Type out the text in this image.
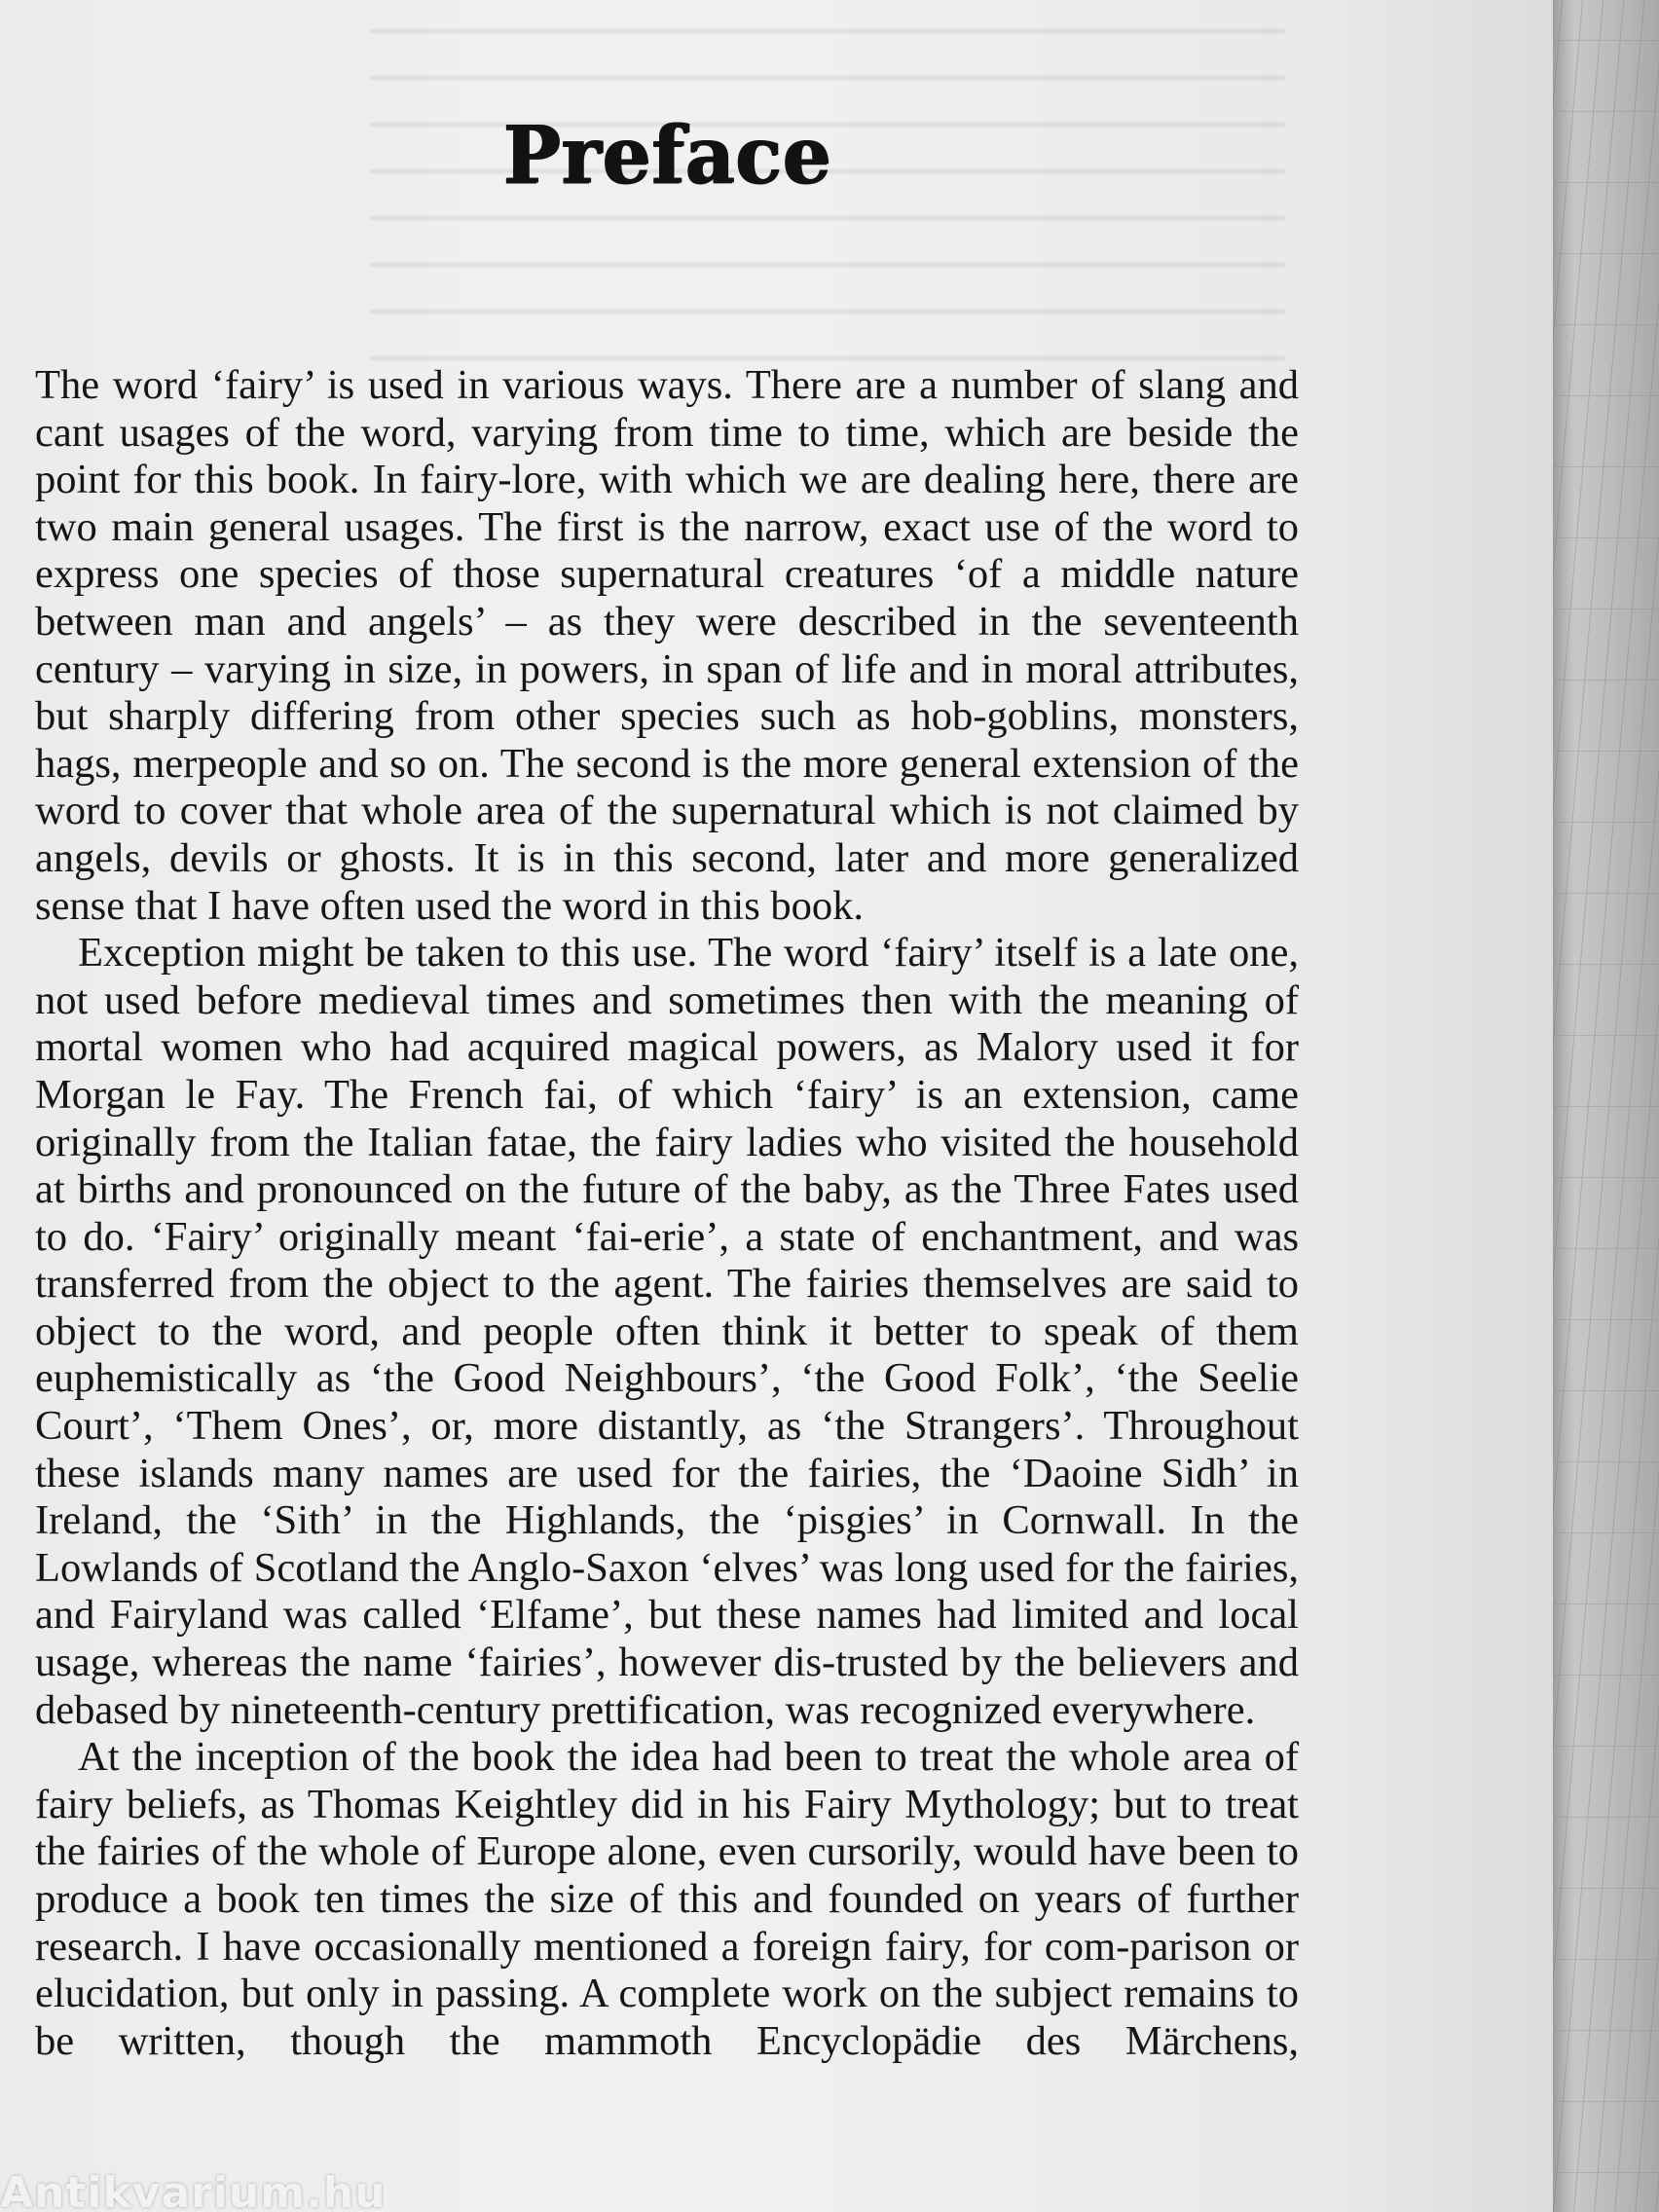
Preface

The word ‘fairy’ is used in various ways. There are a number of slang and cant usages of the word, varying from time to time, which are beside the point for this book. In fairy-lore, with which we are dealing here, there are two main general usages. The first is the narrow, exact use of the word to express one species of those supernatural creatures ‘of a middle nature between man and angels’ – as they were described in the seventeenth century – varying in size, in powers, in span of life and in moral attributes, but sharply differing from other species such as hob-goblins, monsters, hags, merpeople and so on. The second is the more general extension of the word to cover that whole area of the supernatural which is not claimed by angels, devils or ghosts. It is in this second, later and more generalized sense that I have often used the word in this book.

Exception might be taken to this use. The word ‘fairy’ itself is a late one, not used before medieval times and sometimes then with the meaning of mortal women who had acquired magical powers, as Malory used it for Morgan le Fay. The French fai, of which ‘fairy’ is an extension, came originally from the Italian fatae, the fairy ladies who visited the household at births and pronounced on the future of the baby, as the Three Fates used to do. ‘Fairy’ originally meant ‘fai-erie’, a state of enchantment, and was transferred from the object to the agent. The fairies themselves are said to object to the word, and people often think it better to speak of them euphemistically as ‘the Good Neighbours’, ‘the Good Folk’, ‘the Seelie Court’, ‘Them Ones’, or, more distantly, as ‘the Strangers’. Throughout these islands many names are used for the fairies, the ‘Daoine Sidh’ in Ireland, the ‘Sith’ in the Highlands, the ‘pisgies’ in Cornwall. In the Lowlands of Scotland the Anglo-Saxon ‘elves’ was long used for the fairies, and Fairyland was called ‘Elfame’, but these names had limited and local usage, whereas the name ‘fairies’, however dis-trusted by the believers and debased by nineteenth-century prettification, was recognized everywhere.

At the inception of the book the idea had been to treat the whole area of fairy beliefs, as Thomas Keightley did in his Fairy Mythology; but to treat the fairies of the whole of Europe alone, even cursorily, would have been to produce a book ten times the size of this and founded on years of further research. I have occasionally mentioned a foreign fairy, for com-parison or elucidation, but only in passing. A complete work on the subject remains to be written, though the mammoth Encyclopädie des Märchens,

Antikvarium.hu
